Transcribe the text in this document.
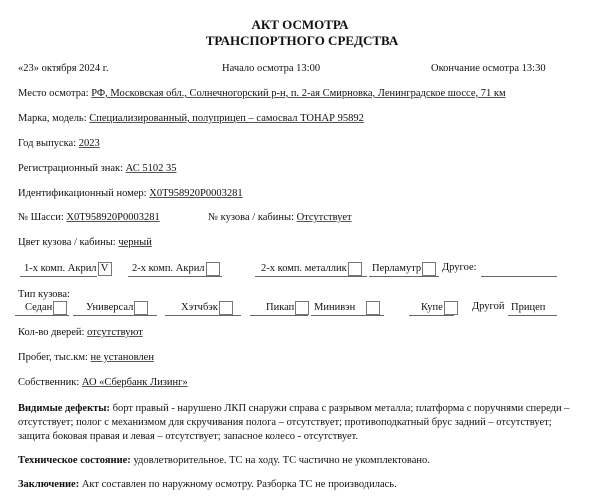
АКТ ОСМОТРА
ТРАНСПОРТНОГО СРЕДСТВА
«23» октября 2024 г.	Начало осмотра 13:00	Окончание осмотра 13:30
Место осмотра: РФ, Московская обл., Солнечногорский р-н, п. 2-ая Смирновка, Ленинградское шоссе, 71 км
Марка, модель: Специализированный, полуприцеп – самосвал ТОНАР 95892
Год выпуска: 2023
Регистрационный знак: АС 5102 35
Идентификационный номер: X0T958920P0003281
№ Шасси: X0T958920P0003281	№ кузова / кабины: Отсутствует
Цвет кузова / кабины: черный
1-х комп. Акрил V	2-х комп. Акрил	2-х комп. металлик	Перламутр	Другое:
Тип кузова:
Седан	Универсал	Хэтчбэк	Пикап	Минивэн	Купе	Другой Прицеп
Кол-во дверей: отсутствуют
Пробег, тыс.км: не установлен
Собственник: АО «Сбербанк Лизинг»
Видимые дефекты: борт правый - нарушено ЛКП снаружи справа с разрывом металла; платформа с поручнями спереди – отсутствует; полог с механизмом для скручивания полога – отсутствует; противоподкатный брус задний – отсутствует; защита боковая правая и левая – отсутствует; запасное колесо - отсутствует.
Техническое состояние: удовлетворительное. ТС на ходу. ТС частично не укомплектовано.
Заключение: Акт составлен по наружному осмотру. Разборка ТС не производилась.
